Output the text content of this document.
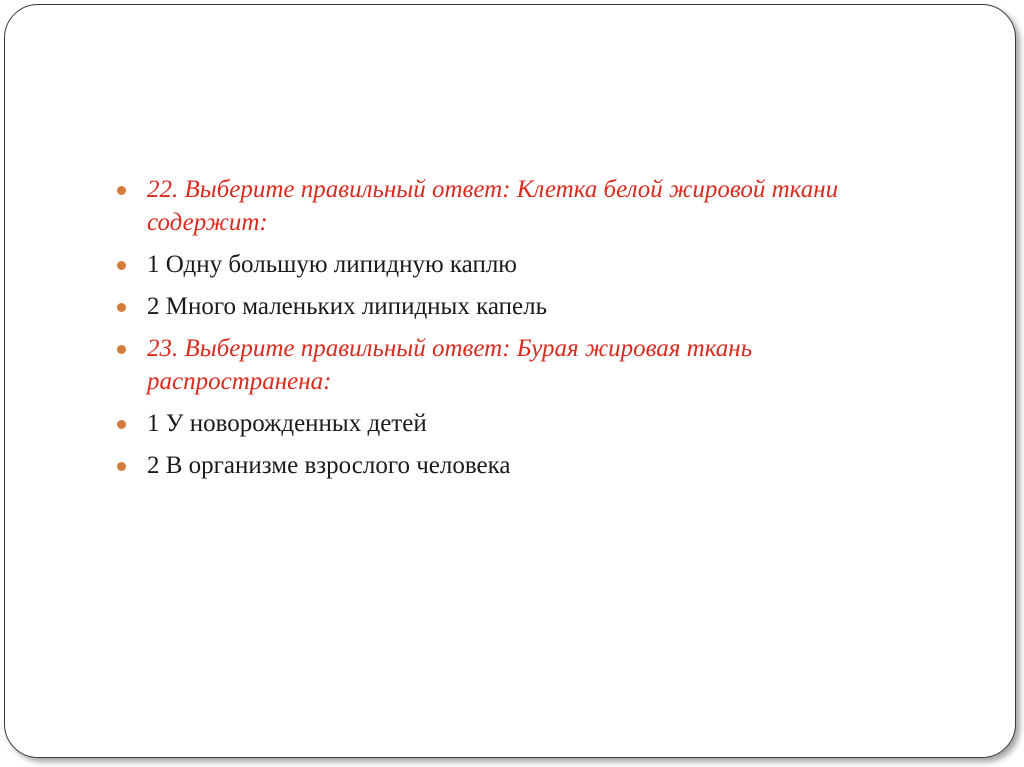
22. Выберите правильный ответ: Клетка белой жировой ткани содержит:
1 Одну большую липидную каплю
2 Много маленьких липидных капель
23. Выберите правильный ответ: Бурая жировая ткань распространена:
1 У новорожденных детей
2 В организме взрослого человека
